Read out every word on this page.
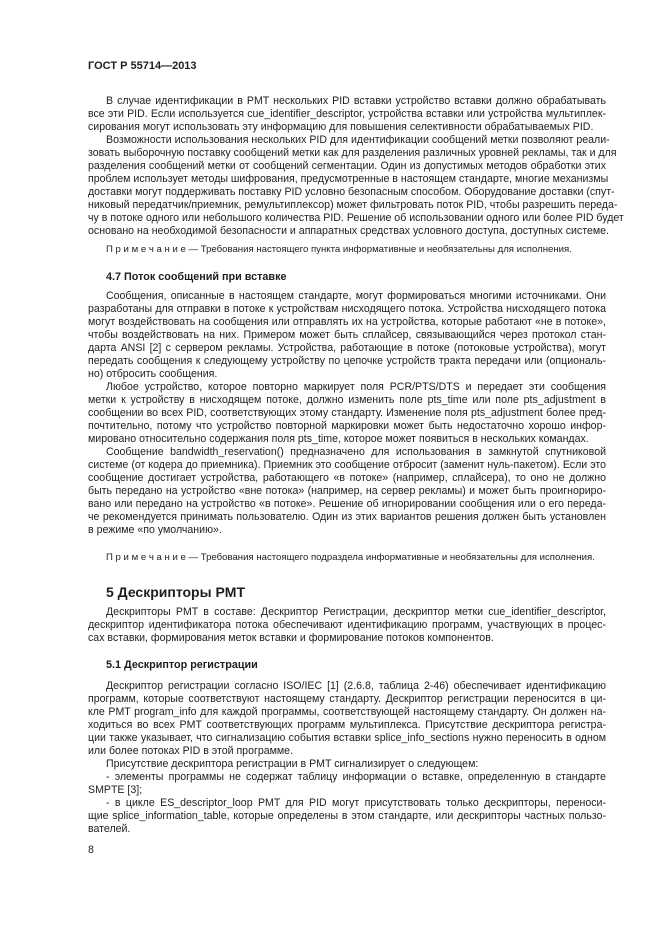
ГОСТ Р 55714—2013
В случае идентификации в PMT нескольких PID вставки устройство вставки должно обрабатывать
все эти PID. Если используется cue_identifier_descriptor, устройства вставки или устройства мультиплек-
сирования могут использовать эту информацию для повышения селективности обрабатываемых PID.
Возможности использования нескольких PID для идентификации сообщений метки позволяют реали-
зовать выборочную поставку сообщений метки как для разделения различных уровней рекламы, так и для
разделения сообщений метки от сообщений сегментации. Один из допустимых методов обработки этих
проблем использует методы шифрования, предусмотренные в настоящем стандарте, многие механизмы
доставки могут поддерживать поставку PID условно безопасным способом. Оборудование доставки (спут-
никовый передатчик/приемник, ремультиплексор) может фильтровать поток PID, чтобы разрешить переда-
чу в потоке одного или небольшого количества PID. Решение об использовании одного или более PID будет
основано на необходимой безопасности и аппаратных средствах условного доступа, доступных системе.
П р и м е ч а н и е — Требования настоящего пункта информативные и необязательны для исполнения.
4.7 Поток сообщений при вставке
Сообщения, описанные в настоящем стандарте, могут формироваться многими источниками. Они
разработаны для отправки в потоке к устройствам нисходящего потока. Устройства нисходящего потока
могут воздействовать на сообщения или отправлять их на устройства, которые работают «не в потоке»,
чтобы воздействовать на них. Примером может быть сплайсер, связывающийся через протокол стан-
дарта ANSI [2] с сервером рекламы. Устройства, работающие в потоке (потоковые устройства), могут
передать сообщения к следующему устройству по цепочке устройств тракта передачи или (опциональ-
но) отбросить сообщения.
Любое устройство, которое повторно маркирует поля PCR/PTS/DTS и передает эти сообщения
метки к устройству в нисходящем потоке, должно изменить поле pts_time или поле pts_adjustment в
сообщении во всех PID, соответствующих этому стандарту. Изменение поля pts_adjustment более пред-
почтительно, потому что устройство повторной маркировки может быть недостаточно хорошо инфор-
мировано относительно содержания поля pts_time, которое может появиться в нескольких командах.
Сообщение bandwidth_reservation() предназначено для использования в замкнутой спутниковой
системе (от кодера до приемника). Приемник это сообщение отбросит (заменит нуль-пакетом). Если это
сообщение достигает устройства, работающего «в потоке» (например, сплайсера), то оно не должно
быть передано на устройство «вне потока» (например, на сервер рекламы) и может быть проигнориро-
вано или передано на устройство «в потоке». Решение об игнорировании сообщения или о его переда-
че рекомендуется принимать пользователю. Один из этих вариантов решения должен быть установлен
в режиме «по умолчанию».
П р и м е ч а н и е — Требования настоящего подраздела информативные и необязательны для исполнения.
5 Дескрипторы PMT
Дескрипторы PMT в составе: Дескриптор Регистрации, дескриптор метки cue_identifier_descriptor,
дескриптор идентификатора потока обеспечивают идентификацию программ, участвующих в процес-
сах вставки, формирования меток вставки и формирование потоков компонентов.
5.1 Дескриптор регистрации
Дескриптор регистрации согласно ISO/IEC [1] (2.6.8, таблица 2-46) обеспечивает идентификацию
программ, которые соответствуют настоящему стандарту. Дескриптор регистрации переносится в ци-
кле PMT program_info для каждой программы, соответствующей настоящему стандарту. Он должен на-
ходиться во всех PMT соответствующих программ мультиплекса. Присутствие дескриптора регистра-
ции также указывает, что сигнализацию события вставки splice_info_sections нужно переносить в одном
или более потоках PID в этой программе.
Присутствие дескриптора регистрации в PMT сигнализирует о следующем:
- элементы программы не содержат таблицу информации о вставке, определенную в стандарте
SMPTE [3];
- в цикле ES_descriptor_loop PMT для PID могут присутствовать только дескрипторы, переноси-
щие splice_information_table, которые определены в этом стандарте, или дескрипторы частных пользо-
вателей.
8
